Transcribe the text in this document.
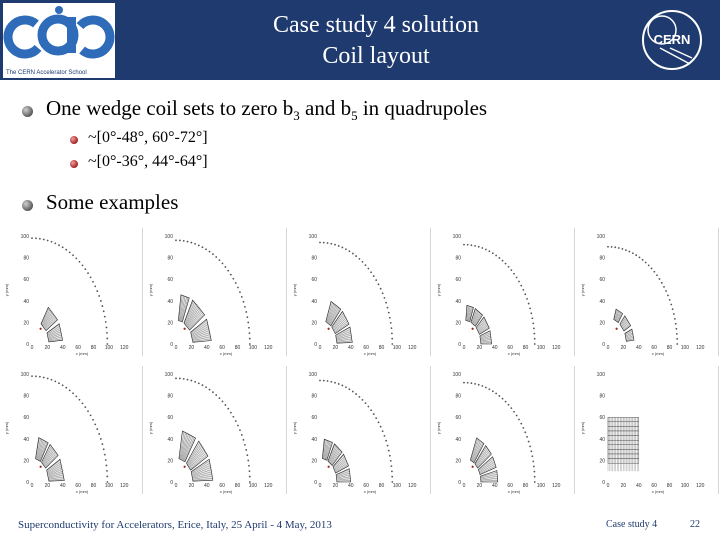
The CERN Accelerator School
Case study 4 solution
Coil layout
CERN
One wedge coil sets to zero $b_3$ and $b_5$ in quadrupoles
~[0°-48°, 60°-72°]
~[0°-36°, 44°-64°]
Some examples
0 20 40 60 80 100 120
0
20
40
60
80
100
x (mm)
y (mm)
0 20 40 60 80 100 120
0
20
40
60
80
100
x (mm)
y (mm)
0 20 40 60 80 100 120
0
20
40
60
80
100
x (mm)
y (mm)
0 20 40 60 80 100 120
0
20
40
60
80
100
x (mm)
y (mm)
0 20 40 60 80 100 120
0
20
40
60
80
100
x (mm)
y (mm)
0 20 40 60 80 100 120
0
20
40
60
80
100
x (mm)
y (mm)
0 20 40 60 80 100 120
0
20
40
60
80
100
x (mm)
y (mm)
0 20 40 60 80 100 120
0
20
40
60
80
100
x (mm)
y (mm)
0 20 40 60 80 100 120
0
20
40
60
80
100
x (mm)
y (mm)
0 20 40 60 80 100 120
0
20
40
60
80
100
x (mm)
y (mm)
Superconductivity for Accelerators, Erice, Italy, 25 April - 4 May, 2013	Case study 4	22
